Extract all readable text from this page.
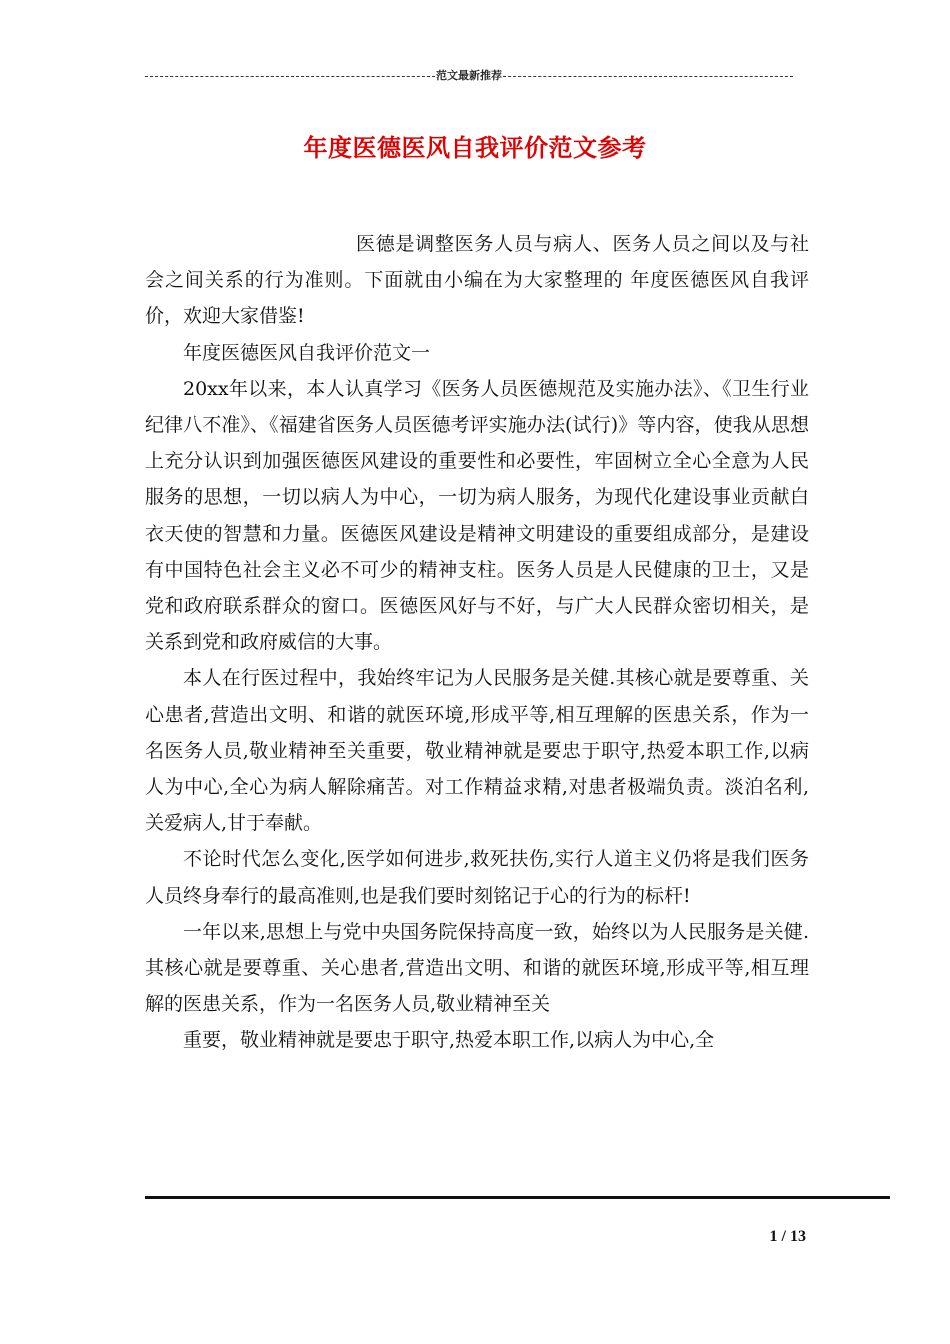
范文最新推荐
年度医德医风自我评价范文参考

医德是调整医务人员与病人、医务人员之间以及与社会之间关系的行为准则。下面就由小编在为大家整理的 年度医德医风自我评价，欢迎大家借鉴!

年度医德医风自我评价范文一

20xx年以来，本人认真学习《医务人员医德规范及实施办法》、《卫生行业纪律八不准》、《福建省医务人员医德考评实施办法(试行)》等内容，使我从思想上充分认识到加强医德医风建设的重要性和必要性，牢固树立全心全意为人民服务的思想，一切以病人为中心，一切为病人服务，为现代化建设事业贡献白衣天使的智慧和力量。医德医风建设是精神文明建设的重要组成部分，是建设有中国特色社会主义必不可少的精神支柱。医务人员是人民健康的卫士，又是党和政府联系群众的窗口。医德医风好与不好，与广大人民群众密切相关，是关系到党和政府威信的大事。

本人在行医过程中，我始终牢记为人民服务是关健.其核心就是要尊重、关心患者,营造出文明、和谐的就医环境,形成平等,相互理解的医患关系，作为一名医务人员,敬业精神至关重要，敬业精神就是要忠于职守,热爱本职工作,以病人为中心,全心为病人解除痛苦。对工作精益求精,对患者极端负责。淡泊名利,关爱病人,甘于奉献。

不论时代怎么变化,医学如何进步,救死扶伤,实行人道主义仍将是我们医务人员终身奉行的最高准则,也是我们要时刻铭记于心的行为的标杆!

一年以来,思想上与党中央国务院保持高度一致，始终以为人民服务是关健.其核心就是要尊重、关心患者,营造出文明、和谐的就医环境,形成平等,相互理解的医患关系，作为一名医务人员,敬业精神至关

重要，敬业精神就是要忠于职守,热爱本职工作,以病人为中心,全

1 / 13
